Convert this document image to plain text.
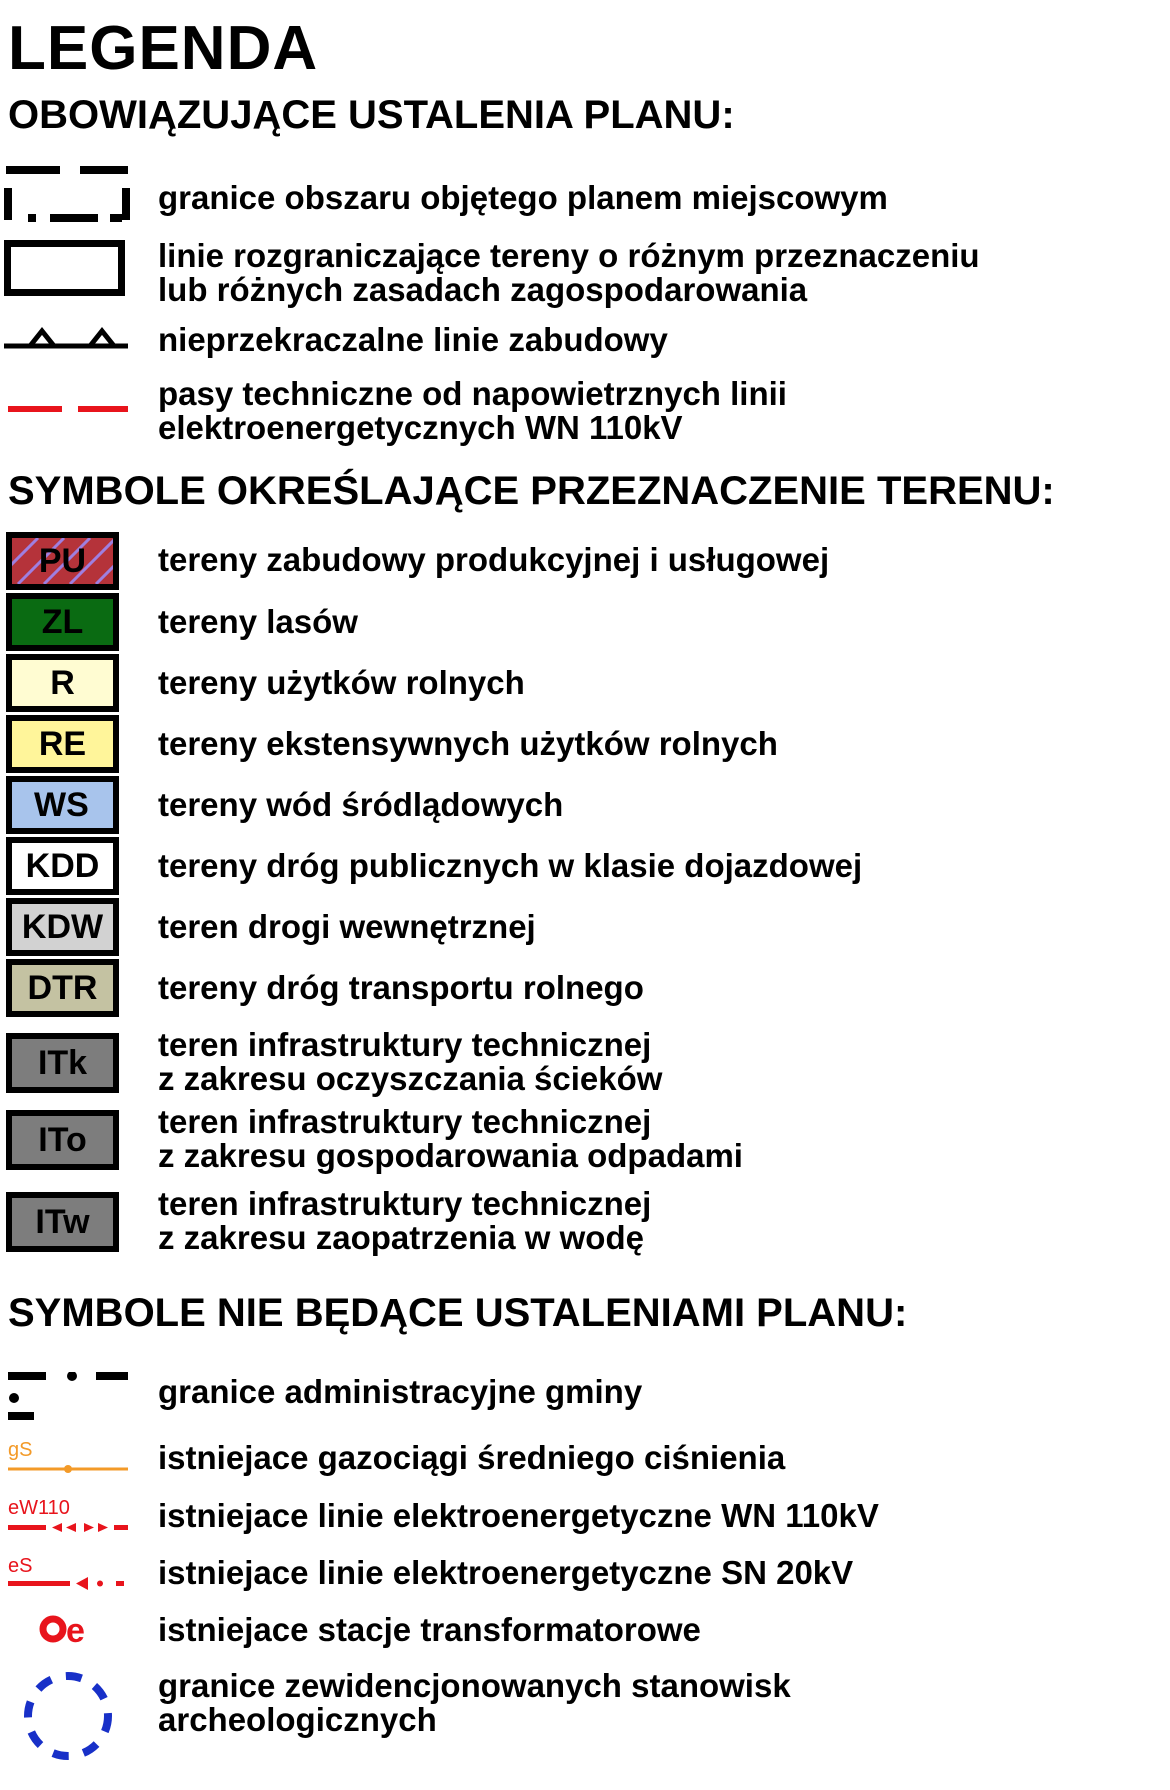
LEGENDA
OBOWIĄZUJĄCE USTALENIA PLANU:
granice obszaru objętego planem miejscowym
linie rozgraniczające tereny o różnym przeznaczeniu
lub różnych zasadach zagospodarowania
nieprzekraczalne linie zabudowy
pasy techniczne od napowietrznych linii
elektroenergetycznych WN 110kV
SYMBOLE OKREŚLAJĄCE PRZEZNACZENIE TERENU:
PU tereny zabudowy produkcyjnej i usługowej
ZL tereny lasów
R	tereny użytków rolnych
RE tereny ekstensywnych użytków rolnych
WS tereny wód śródlądowych
KDD tereny dróg publicznych w klasie dojazdowej
KDW teren drogi wewnętrznej
DTR tereny dróg transportu rolnego
ITk teren infrastruktury technicznej
z zakresu oczyszczania ścieków
ITo teren infrastruktury technicznej
z zakresu gospodarowania odpadami
ITw teren infrastruktury technicznej
z zakresu zaopatrzenia w wodę
SYMBOLE NIE BĘDĄCE USTALENIAMI PLANU:
granice administracyjne gminy
gS	istniejace gazociągi średniego ciśnienia
eW110	istniejace linie elektroenergetyczne WN 110kV
eS	istniejace linie elektroenergetyczne SN 20kV
e istniejace stacje transformatorowe
granice zewidencjonowanych stanowisk
archeologicznych
